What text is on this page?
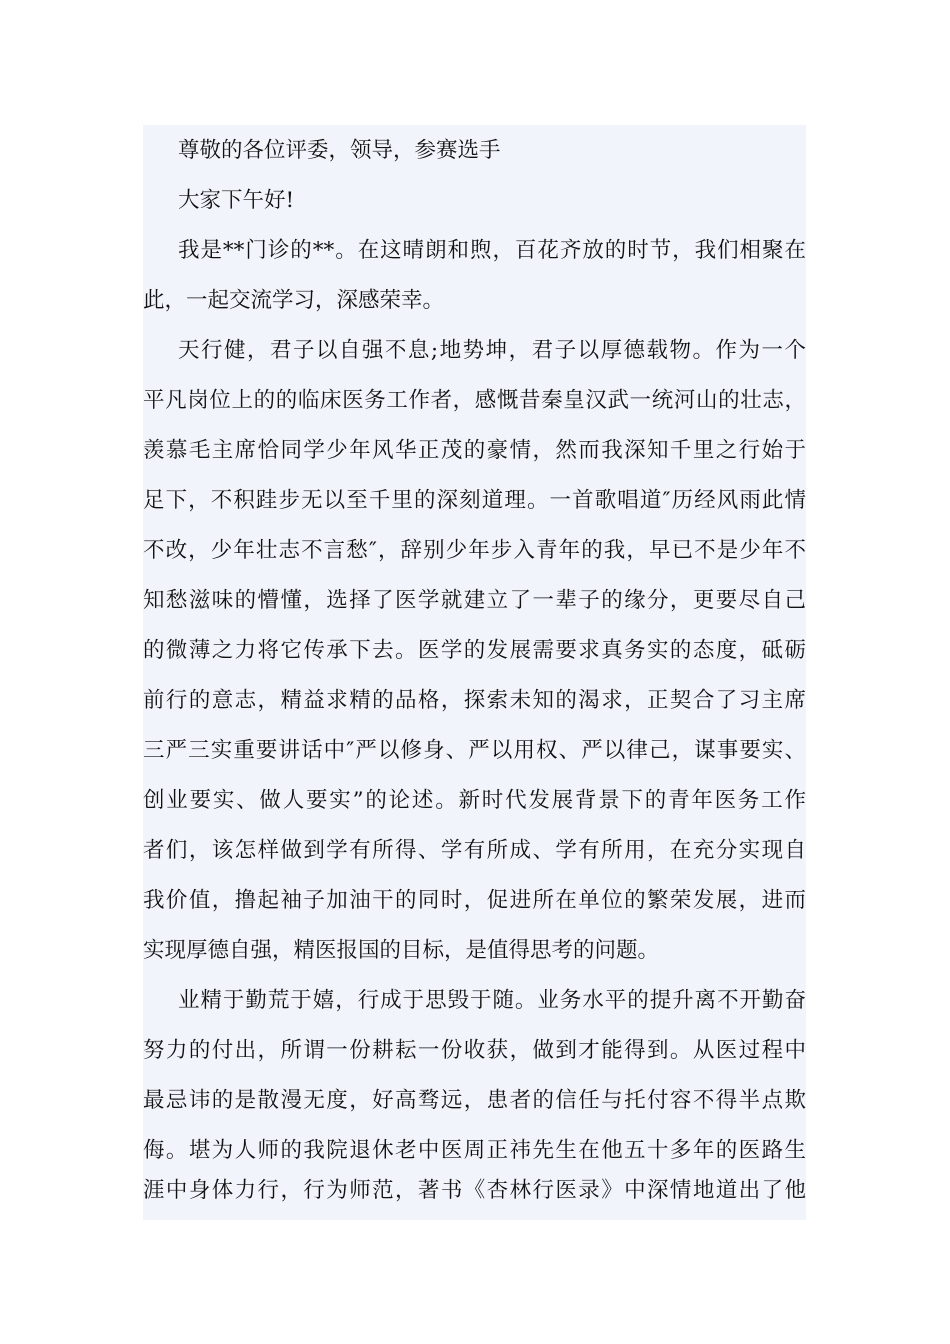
尊敬的各位评委，领导，参赛选手
大家下午好!
我是**门诊的**。在这晴朗和煦，百花齐放的时节，我们相聚在
此，一起交流学习，深感荣幸。
天行健，君子以自强不息;地势坤，君子以厚德载物。作为一个
平凡岗位上的的临床医务工作者，感慨昔秦皇汉武一统河山的壮志，
羡慕毛主席恰同学少年风华正茂的豪情，然而我深知千里之行始于
足下，不积跬步无以至千里的深刻道理。一首歌唱道″历经风雨此情
不改，少年壮志不言愁″，辞别少年步入青年的我，早已不是少年不
知愁滋味的懵懂，选择了医学就建立了一辈子的缘分，更要尽自己
的微薄之力将它传承下去。医学的发展需要求真务实的态度，砥砺
前行的意志，精益求精的品格，探索未知的渴求，正契合了习主席
三严三实重要讲话中″严以修身、严以用权、严以律己，谋事要实、
创业要实、做人要实”的论述。新时代发展背景下的青年医务工作
者们，该怎样做到学有所得、学有所成、学有所用，在充分实现自
我价值，撸起袖子加油干的同时，促进所在单位的繁荣发展，进而
实现厚德自强，精医报国的目标，是值得思考的问题。
业精于勤荒于嬉，行成于思毁于随。业务水平的提升离不开勤奋
努力的付出，所谓一份耕耘一份收获，做到才能得到。从医过程中
最忌讳的是散漫无度，好高骛远，患者的信任与托付容不得半点欺
侮。堪为人师的我院退休老中医周正祎先生在他五十多年的医路生
涯中身体力行，行为师范，著书《杏林行医录》中深情地道出了他
